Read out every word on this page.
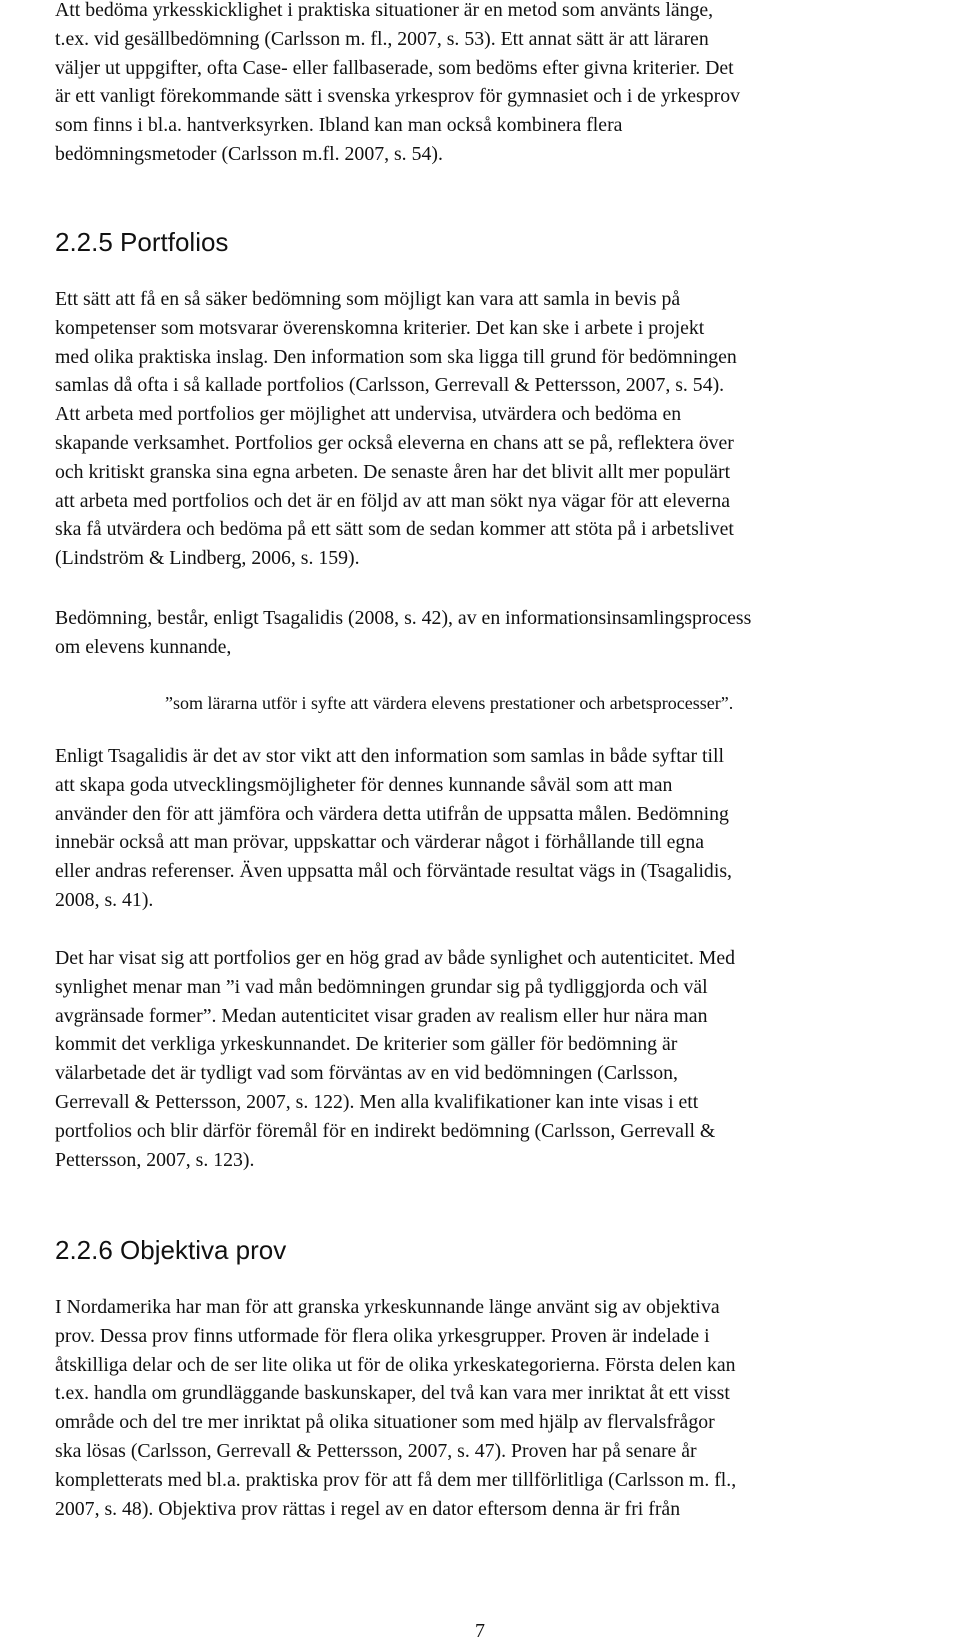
Att bedöma yrkesskicklighet i praktiska situationer är en metod som använts länge,
t.ex. vid gesällbedömning (Carlsson m. fl., 2007, s. 53). Ett annat sätt är att läraren
väljer ut uppgifter, ofta Case- eller fallbaserade, som bedöms efter givna kriterier. Det
är ett vanligt förekommande sätt i svenska yrkesprov för gymnasiet och i de yrkesprov
som finns i bl.a. hantverksyrken. Ibland kan man också kombinera flera
bedömningsmetoder (Carlsson m.fl. 2007, s. 54).
2.2.5 Portfolios
Ett sätt att få en så säker bedömning som möjligt kan vara att samla in bevis på
kompetenser som motsvarar överenskomna kriterier. Det kan ske i arbete i projekt
med olika praktiska inslag. Den information som ska ligga till grund för bedömningen
samlas då ofta i så kallade portfolios (Carlsson, Gerrevall & Pettersson, 2007, s. 54).
Att arbeta med portfolios ger möjlighet att undervisa, utvärdera och bedöma en
skapande verksamhet. Portfolios ger också eleverna en chans att se på, reflektera över
och kritiskt granska sina egna arbeten. De senaste åren har det blivit allt mer populärt
att arbeta med portfolios och det är en följd av att man sökt nya vägar för att eleverna
ska få utvärdera och bedöma på ett sätt som de sedan kommer att stöta på i arbetslivet
(Lindström & Lindberg, 2006, s. 159).
Bedömning, består, enligt Tsagalidis (2008, s. 42), av en informationsinsamlingsprocess
om elevens kunnande,

”som lärarna utför i syfte att värdera elevens prestationer och arbetsprocesser”.

Enligt Tsagalidis är det av stor vikt att den information som samlas in både syftar till
att skapa goda utvecklingsmöjligheter för dennes kunnande såväl som att man
använder den för att jämföra och värdera detta utifrån de uppsatta målen. Bedömning
innebär också att man prövar, uppskattar och värderar något i förhållande till egna
eller andras referenser. Även uppsatta mål och förväntade resultat vägs in (Tsagalidis,
2008, s. 41).
Det har visat sig att portfolios ger en hög grad av både synlighet och autenticitet. Med
synlighet menar man ”i vad mån bedömningen grundar sig på tydliggjorda och väl
avgränsade former”. Medan autenticitet visar graden av realism eller hur nära man
kommit det verkliga yrkeskunnandet. De kriterier som gäller för bedömning är
välarbetade det är tydligt vad som förväntas av en vid bedömningen (Carlsson,
Gerrevall & Pettersson, 2007, s. 122). Men alla kvalifikationer kan inte visas i ett
portfolios och blir därför föremål för en indirekt bedömning (Carlsson, Gerrevall &
Pettersson, 2007, s. 123).
2.2.6 Objektiva prov
I Nordamerika har man för att granska yrkeskunnande länge använt sig av objektiva
prov. Dessa prov finns utformade för flera olika yrkesgrupper. Proven är indelade i
åtskilliga delar och de ser lite olika ut för de olika yrkeskategorierna. Första delen kan
t.ex. handla om grundläggande baskunskaper, del två kan vara mer inriktat åt ett visst
område och del tre mer inriktat på olika situationer som med hjälp av flervalsfrågor
ska lösas (Carlsson, Gerrevall & Pettersson, 2007, s. 47). Proven har på senare år
kompletterats med bl.a. praktiska prov för att få dem mer tillförlitliga (Carlsson m. fl.,
2007, s. 48). Objektiva prov rättas i regel av en dator eftersom denna är fri från
7
